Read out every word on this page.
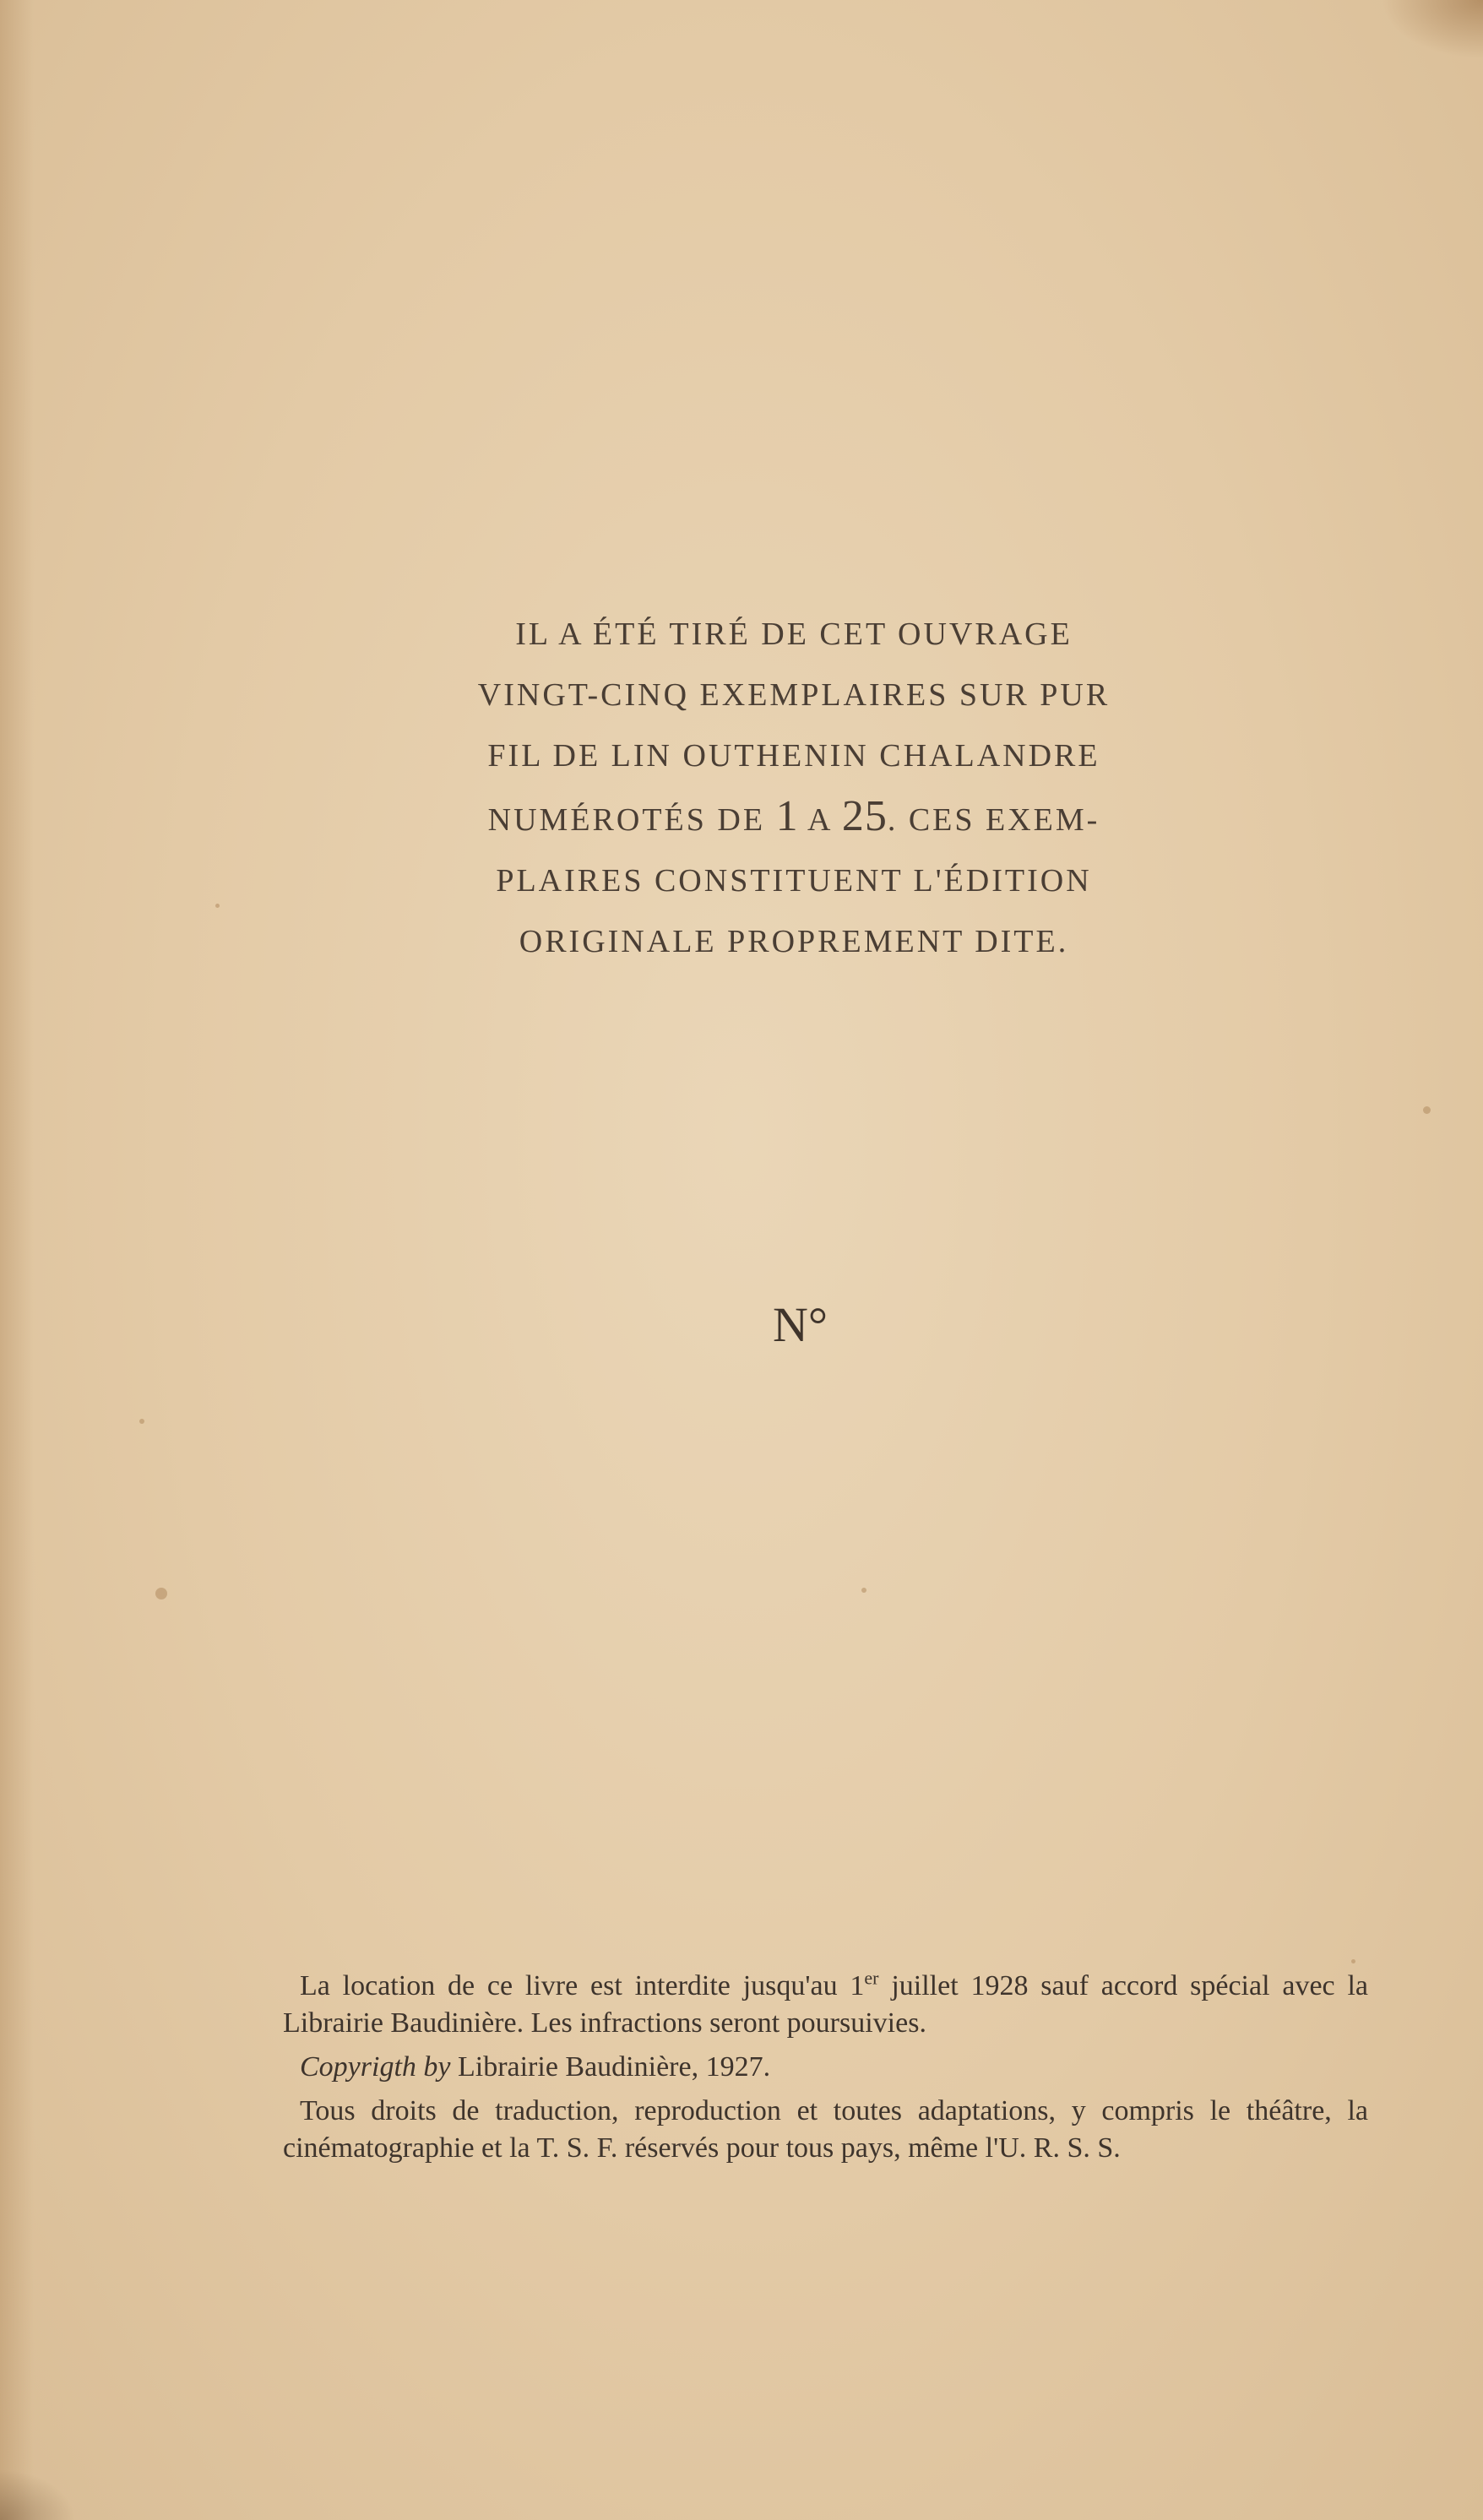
IL A ÉTÉ TIRÉ DE CET OUVRAGE
VINGT-CINQ EXEMPLAIRES SUR PUR
FIL DE LIN OUTHENIN CHALANDRE
NUMÉROTÉS DE 1 A 25. CES EXEM-
PLAIRES CONSTITUENT L'ÉDITION
ORIGINALE PROPREMENT DITE.
N°

La location de ce livre est interdite jusqu'au 1er juillet 1928 sauf accord spécial avec la Librairie Baudinière. Les infractions seront poursuivies.

Copyrigth by Librairie Baudinière, 1927.

Tous droits de traduction, reproduction et toutes adaptations, y compris le théâtre, la cinématographie et la T. S. F. réservés pour tous pays, même l'U. R. S. S.
